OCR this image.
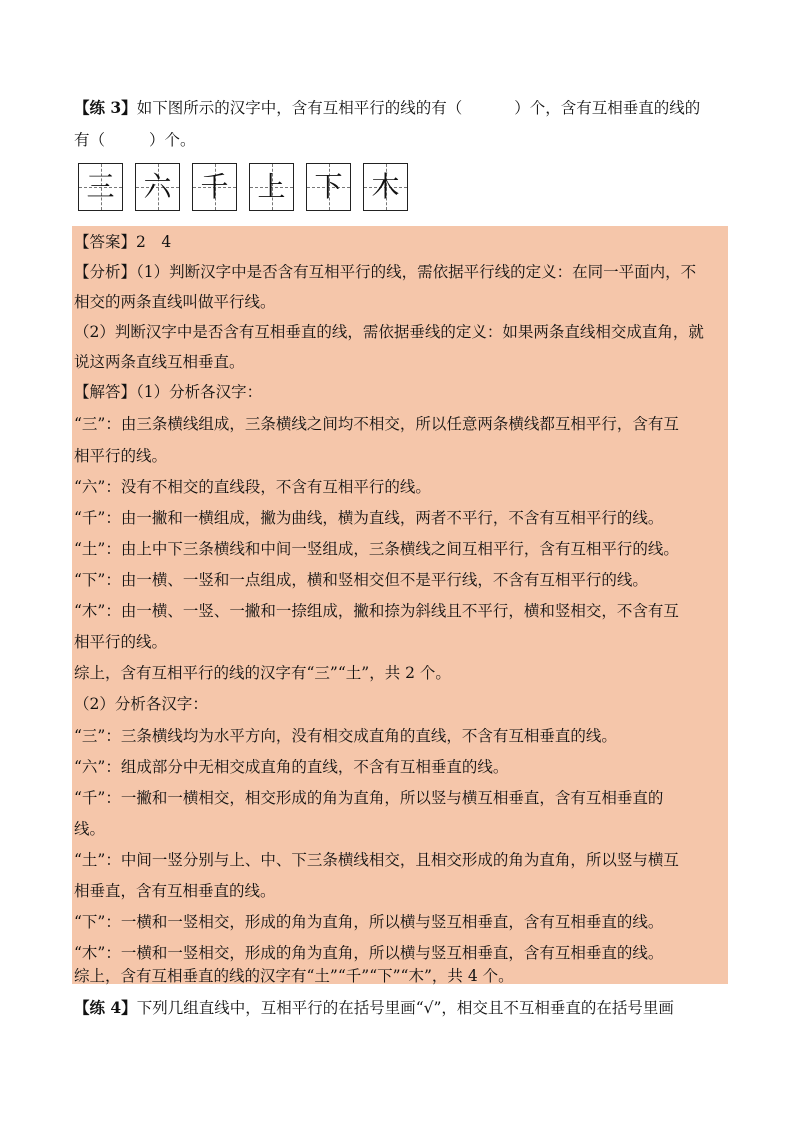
【练 3】如下图所示的汉字中，含有互相平行的线的有（	）个，含有互相垂直的线的
有（	）个。
三 六 千 上 下 木
【答案】2　4
【分析】（1）判断汉字中是否含有互相平行的线，需依据平行线的定义：在同一平面内，不
相交的两条直线叫做平行线。
（2）判断汉字中是否含有互相垂直的线，需依据垂线的定义：如果两条直线相交成直角，就
说这两条直线互相垂直。
【解答】（1）分析各汉字：
“三”：由三条横线组成，三条横线之间均不相交，所以任意两条横线都互相平行，含有互
相平行的线。
“六”：没有不相交的直线段，不含有互相平行的线。
“千”：由一撇和一横组成，撇为曲线，横为直线，两者不平行，不含有互相平行的线。
“土”：由上中下三条横线和中间一竖组成，三条横线之间互相平行，含有互相平行的线。
“下”：由一横、一竖和一点组成，横和竖相交但不是平行线，不含有互相平行的线。
“木”：由一横、一竖、一撇和一捺组成，撇和捺为斜线且不平行，横和竖相交，不含有互
相平行的线。
综上，含有互相平行的线的汉字有“三”“土”，共 2 个。
（2）分析各汉字：
“三”：三条横线均为水平方向，没有相交成直角的直线，不含有互相垂直的线。
“六”：组成部分中无相交成直角的直线，不含有互相垂直的线。
“千”：一撇和一横相交，相交形成的角为直角，所以竖与横互相垂直，含有互相垂直的
线。
“土”：中间一竖分别与上、中、下三条横线相交，且相交形成的角为直角，所以竖与横互
相垂直，含有互相垂直的线。
“下”：一横和一竖相交，形成的角为直角，所以横与竖互相垂直，含有互相垂直的线。
“木”：一横和一竖相交，形成的角为直角，所以横与竖互相垂直，含有互相垂直的线。
综上，含有互相垂直的线的汉字有“土”“千”“下”“木”，共 4 个。
【练 4】下列几组直线中，互相平行的在括号里画“√”，相交且不互相垂直的在括号里画
